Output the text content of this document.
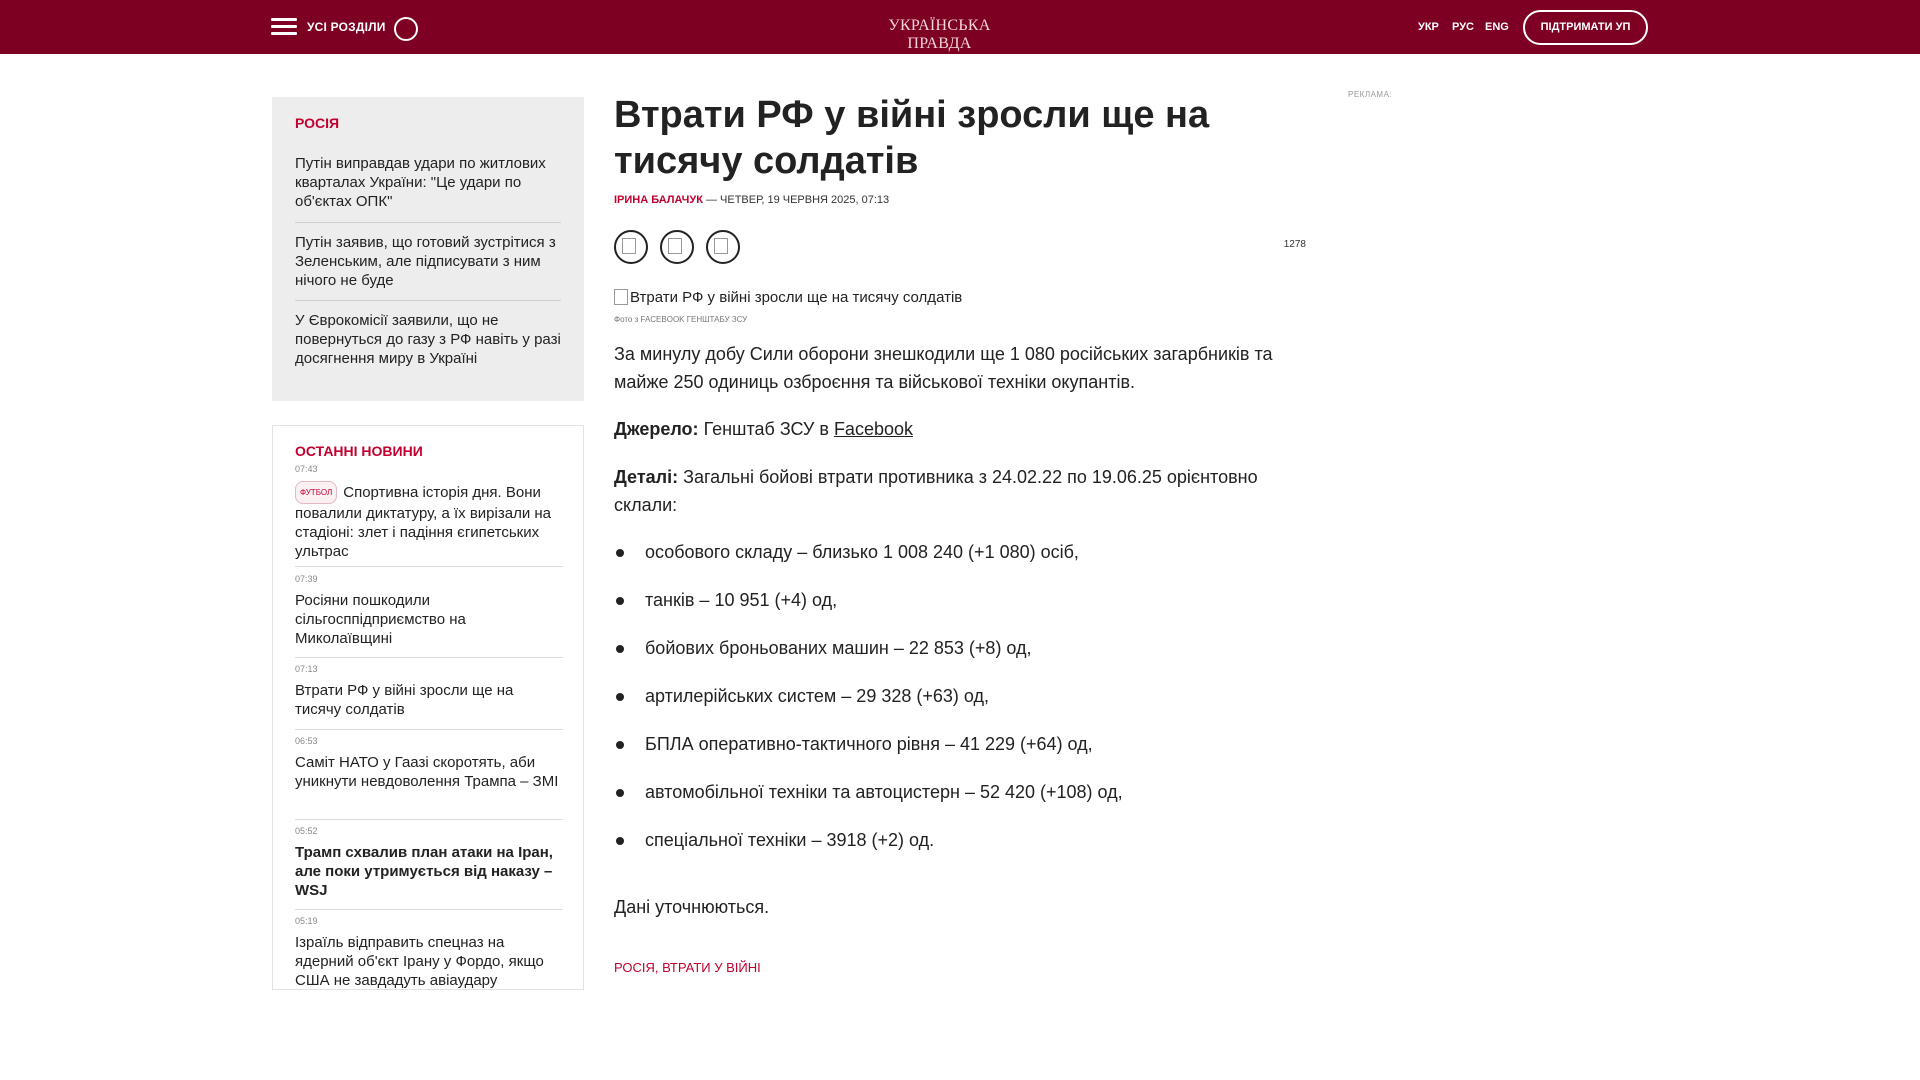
УСІ РОЗДІЛИ	УКРАЇНСЬКА ПРАВДА
УКР РУС ENG	ПІДТРИМАТИ УП
РОСІЯ
Путін виправдав удари по житлових кварталах України: "Це удари по об'єктах ОПК"
Путін заявив, що готовий зустрітися з Зеленським, але підписувати з ним нічого не буде
У Єврокомісії заявили, що не повернуться до газу з РФ навіть у разі досягнення миру в Україні
ОСТАННІ НОВИНИ
07:43
ФУТБОЛ Спортивна історія дня. Вони повалили диктатуру, а їх вирізали на стадіоні: злет і падіння єгипетських ультрас
07:39
Росіяни пошкодили сільгосппідприємство на Миколаївщині
07:13
Втрати РФ у війні зросли ще на тисячу солдатів
06:53
Саміт НАТО у Гаазі скоротять, аби уникнути невдоволення Трампа – ЗМІ
05:52
Трамп схвалив план атаки на Іран, але поки утримується від наказу – WSJ
05:19
Ізраїль відправить спецназ на ядерний об'єкт Ірану у Фордо, якщо США не завдадуть авіаудару
Втрати РФ у війні зросли ще на тисячу солдатів
ІРИНА БАЛАЧУК — ЧЕТВЕР, 19 ЧЕРВНЯ 2025, 07:13
1278
Втрати РФ у війні зросли ще на тисячу солдатів
Фото з FACEBOOK ГЕНШТАБУ ЗСУ

За минулу добу Сили оборони знешкодили ще 1 080 російських загарбників та майже 250 одиниць озброєння та військової техніки окупантів.

Джерело: Генштаб ЗСУ в Facebook

Деталі: Загальні бойові втрати противника з 24.02.22 по 19.06.25 орієнтовно склали:

особового складу – близько 1 008 240 (+1 080) осіб,
танків – 10 951 (+4) од,
бойових броньованих машин – 22 853 (+8) од,
артилерійських систем – 29 328 (+63) од,
БПЛА оперативно-тактичного рівня – 41 229 (+64) од,
автомобільної техніки та автоцистерн – 52 420 (+108) од,
спеціальної техніки – 3918 (+2) од.

Дані уточнюються.

РОСІЯ, ВТРАТИ У ВІЙНІ
РЕКЛАМА:
